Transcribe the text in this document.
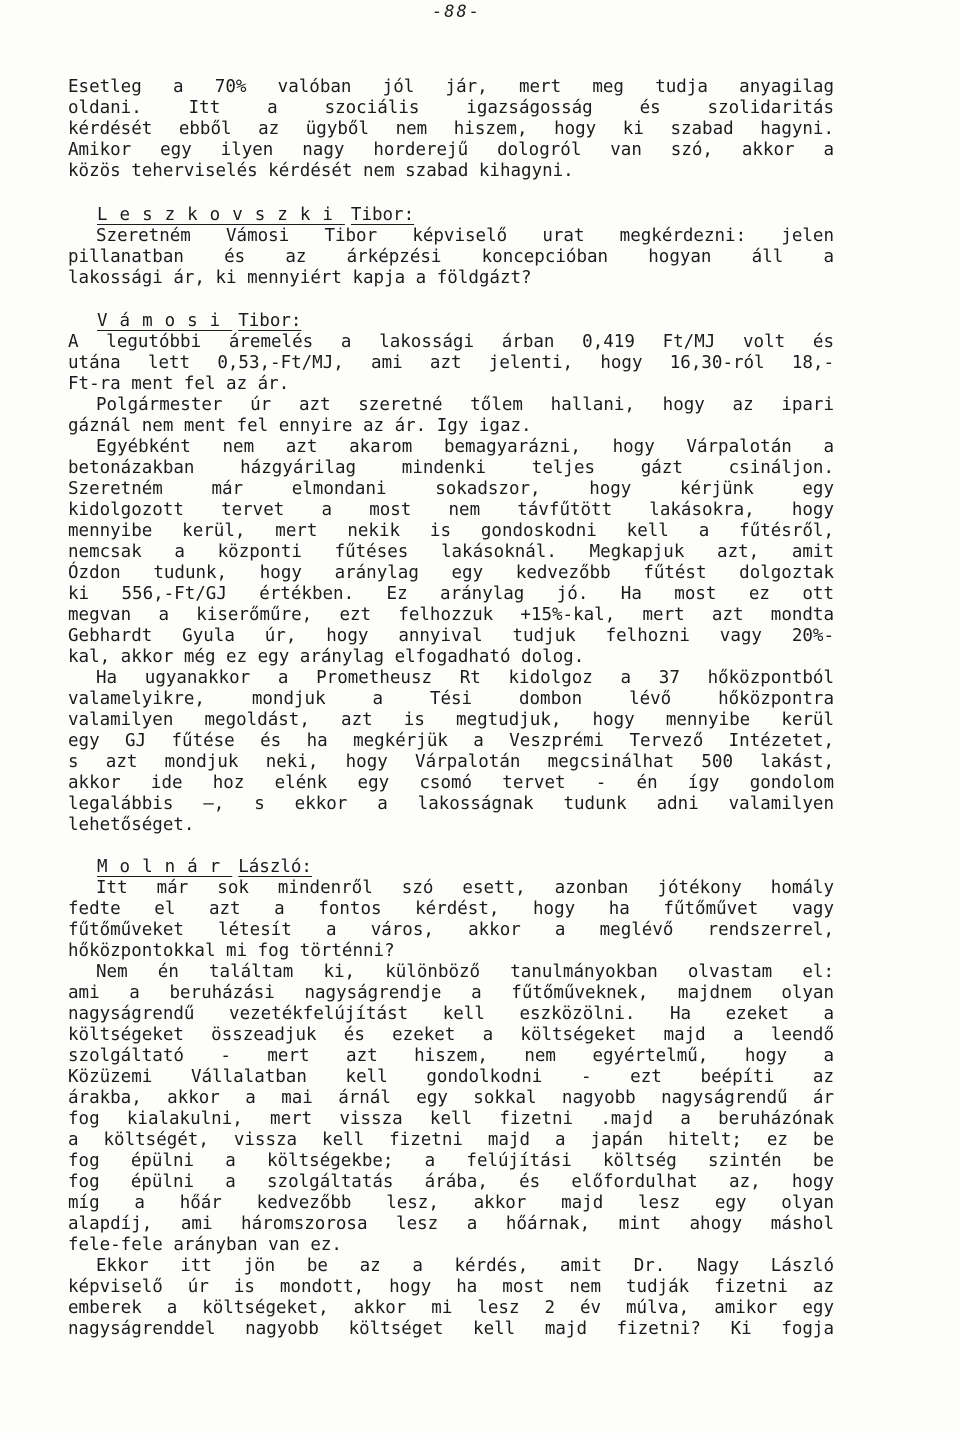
-88-
Esetleg a 70% valóban jól jár, mert meg tudja anyagilag
oldani. Itt a szociális igazságosság és szolidaritás
kérdését ebből az ügyből nem hiszem, hogy ki szabad hagyni.
Amikor egy ilyen nagy horderejű dologról van szó, akkor a
közös teherviselés kérdését nem szabad kihagyni.
Leszkovszki Tibor:
Szeretném Vámosi Tibor képviselő urat megkérdezni: jelen
pillanatban és az árképzési koncepcióban hogyan áll a
lakossági ár, ki mennyiért kapja a földgázt?
Vámosi Tibor:
A legutóbbi áremelés a lakossági árban 0,419 Ft/MJ volt és
utána lett 0,53,-Ft/MJ, ami azt jelenti, hogy 16,30-ról 18,-
Ft-ra ment fel az ár.
Polgármester úr azt szeretné tőlem hallani, hogy az ipari
gáznál nem ment fel ennyire az ár. Igy igaz.
Egyébként nem azt akarom bemagyarázni, hogy Várpalotán a
betonázakban házgyárilag mindenki teljes gázt csináljon.
Szeretném már elmondani sokadszor, hogy kérjünk egy
kidolgozott tervet a most nem távfűtött lakásokra, hogy
mennyibe kerül, mert nekik is gondoskodni kell a fűtésről,
nemcsak a központi fűtéses lakásoknál. Megkapjuk azt, amit
Ózdon tudunk, hogy aránylag egy kedvezőbb fűtést dolgoztak
ki 556,-Ft/GJ értékben. Ez aránylag jó. Ha most ez ott
megvan a kiserőműre, ezt felhozzuk +15%-kal, mert azt mondta
Gebhardt Gyula úr, hogy annyival tudjuk felhozni vagy 20%-
kal, akkor még ez egy aránylag elfogadható dolog.
Ha ugyanakkor a Prometheusz Rt kidolgoz a 37 hőközpontból
valamelyikre, mondjuk a Tési dombon lévő hőközpontra
valamilyen megoldást, azt is megtudjuk, hogy mennyibe kerül
egy GJ fűtése és ha megkérjük a Veszprémi Tervező Intézetet,
s azt mondjuk neki, hogy Várpalotán megcsinálhat 500 lakást,
akkor ide hoz elénk egy csomó tervet - én így gondolom
legalábbis —, s ekkor a lakosságnak tudunk adni valamilyen
lehetőséget.
Molnár László:
Itt már sok mindenről szó esett, azonban jótékony homály
fedte el azt a fontos kérdést, hogy ha fűtőművet vagy
fűtőműveket létesít a város, akkor a meglévő rendszerrel,
hőközpontokkal mi fog történni?
Nem én találtam ki, különböző tanulmányokban olvastam el:
ami a beruházási nagyságrendje a fűtőműveknek, majdnem olyan
nagyságrendű vezetékfelújítást kell eszközölni. Ha ezeket a
költségeket összeadjuk és ezeket a költségeket majd a leendő
szolgáltató - mert azt hiszem, nem egyértelmű, hogy a
Közüzemi Vállalatban kell gondolkodni - ezt beépíti az
árakba, akkor a mai árnál egy sokkal nagyobb nagyságrendű ár
fog kialakulni, mert vissza kell fizetni .majd a beruházónak
a költségét, vissza kell fizetni majd a japán hitelt; ez be
fog épülni a költségekbe; a felújítási költség szintén be
fog épülni a szolgáltatás árába, és előfordulhat az, hogy
míg a hőár kedvezőbb lesz, akkor majd lesz egy olyan
alapdíj, ami háromszorosa lesz a hőárnak, mint ahogy máshol
fele-fele arányban van ez.
Ekkor itt jön be az a kérdés, amit Dr. Nagy László
képviselő úr is mondott, hogy ha most nem tudják fizetni az
emberek a költségeket, akkor mi lesz 2 év múlva, amikor egy
nagyságrenddel nagyobb költséget kell majd fizetni? Ki fogja
